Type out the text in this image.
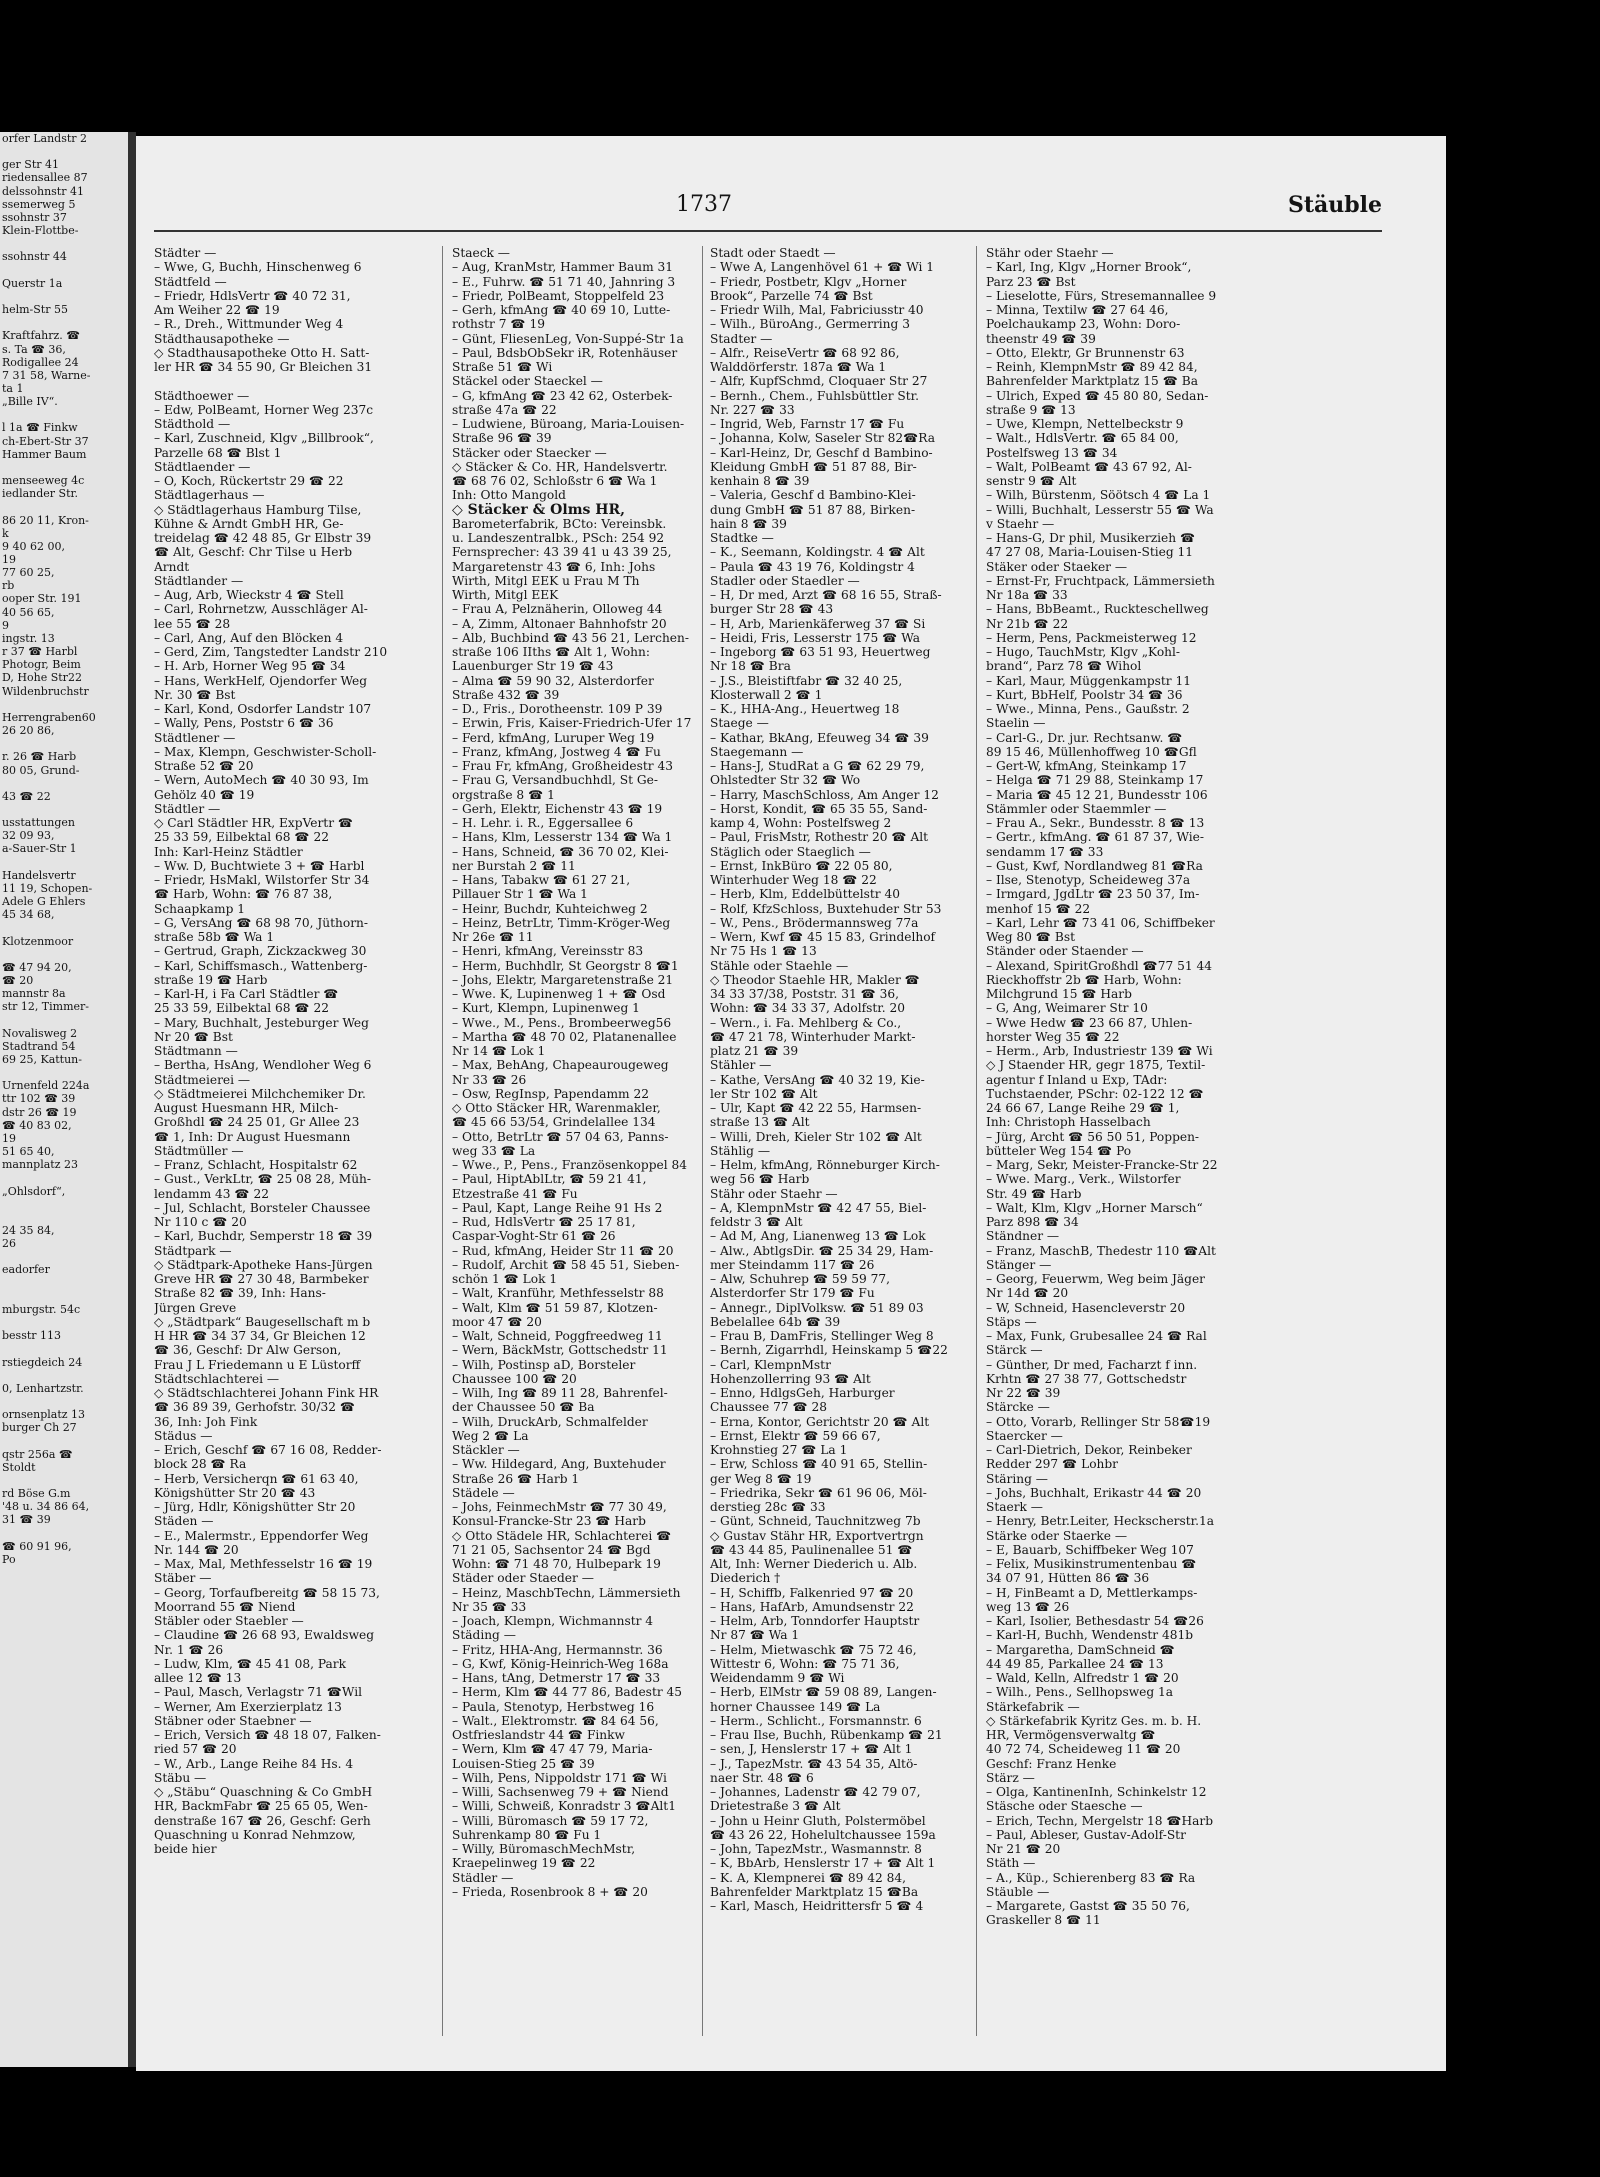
orfer Landstr 2

ger Str 41
riedensallee 87
delssohnstr 41
ssemerweg 5
ssohnstr 37
Klein-Flottbe-

ssohnstr 44

Querstr 1a

helm-Str 55

Kraftfahrz. ☎
s. Ta ☎ 36,
Rodigallee 24
7 31 58, Warne-
ta 1
„Bille IV“.

l 1a ☎ Finkw
ch-Ebert-Str 37
Hammer Baum

menseeweg 4c
iedlander Str.

86 20 11, Kron-
k
9 40 62 00,
19
77 60 25,
rb
ooper Str. 191
40 56 65,
9
ingstr. 13
r 37 ☎ Harbl
Photogr, Beim
D, Hohe Str22
Wildenbruchstr

Herrengraben60
26 20 86,

r. 26 ☎ Harb
80 05, Grund-

43 ☎ 22

usstattungen
32 09 93,
a-Sauer-Str 1

Handelsvertr
11 19, Schopen-
Adele G Ehlers
45 34 68,

Klotzenmoor

☎ 47 94 20,
☎ 20
mannstr 8a
str 12, Timmer-

Novalisweg 2
Stadtrand 54
69 25, Kattun-

Urnenfeld 224a
ttr 102 ☎ 39
dstr 26 ☎ 19
☎ 40 83 02,
19
51 65 40,
mannplatz 23

„Ohlsdorf“,

24 35 84,
26

eadorfer

mburgstr. 54c

besstr 113

rstiegdeich 24

0, Lenhartzstr.

ornsenplatz 13
burger Ch 27

qstr 256a ☎
Stoldt

rd Böse G.m
'48 u. 34 86 64,
31 ☎ 39

☎ 60 91 96,
Po
1737	Stäuble
Städter —
– Wwe, G, Buchh, Hinschenweg 6
Städtfeld —
– Friedr, HdlsVertr ☎ 40 72 31,
Am Weiher 22 ☎ 19
– R., Dreh., Wittmunder Weg 4
Städthausapotheke —
◇ Stadthausapotheke Otto H. Satt-
ler HR ☎ 34 55 90, Gr Bleichen 31

Städthoewer —
– Edw, PolBeamt, Horner Weg 237c
Städthold —
– Karl, Zuschneid, Klgv „Billbrook“,
Parzelle 68 ☎ Blst 1
Städtlaender —
– O, Koch, Rückertstr 29 ☎ 22
Städtlagerhaus —
◇ Städtlagerhaus Hamburg Tilse,
Kühne & Arndt GmbH HR, Ge-
treidelag ☎ 42 48 85, Gr Elbstr 39
☎ Alt, Geschf: Chr Tilse u Herb
Arndt
Städtlander —
– Aug, Arb, Wieckstr 4 ☎ Stell
– Carl, Rohrnetzw, Ausschläger Al-
lee 55 ☎ 28
– Carl, Ang, Auf den Blöcken 4
– Gerd, Zim, Tangstedter Landstr 210
– H. Arb, Horner Weg 95 ☎ 34
– Hans, WerkHelf, Ojendorfer Weg
Nr. 30 ☎ Bst
– Karl, Kond, Osdorfer Landstr 107
– Wally, Pens, Poststr 6 ☎ 36
Städtlener —
– Max, Klempn, Geschwister-Scholl-
Straße 52 ☎ 20
– Wern, AutoMech ☎ 40 30 93, Im
Gehölz 40 ☎ 19
Städtler —
◇ Carl Städtler HR, ExpVertr ☎
25 33 59, Eilbektal 68 ☎ 22
Inh: Karl-Heinz Städtler
– Ww. D, Buchtwiete 3 + ☎ Harbl
– Friedr, HsMakl, Wilstorfer Str 34
☎ Harb, Wohn: ☎ 76 87 38,
Schaapkamp 1
– G, VersAng ☎ 68 98 70, Jüthorn-
straße 58b ☎ Wa 1
– Gertrud, Graph, Zickzackweg 30
– Karl, Schiffsmasch., Wattenberg-
straße 19 ☎ Harb
– Karl-H, i Fa Carl Städtler ☎
25 33 59, Eilbektal 68 ☎ 22
– Mary, Buchhalt, Jesteburger Weg
Nr 20 ☎ Bst
Städtmann —
– Bertha, HsAng, Wendloher Weg 6
Städtmeierei —
◇ Städtmeierei Milchchemiker Dr.
August Huesmann HR, Milch-
Großhdl ☎ 24 25 01, Gr Allee 23
☎ 1, Inh: Dr August Huesmann
Städtmüller —
– Franz, Schlacht, Hospitalstr 62
– Gust., VerkLtr, ☎ 25 08 28, Müh-
lendamm 43 ☎ 22
– Jul, Schlacht, Borsteler Chaussee
Nr 110 c ☎ 20
– Karl, Buchdr, Semperstr 18 ☎ 39
Städtpark —
◇ Städtpark-Apotheke Hans-Jürgen
Greve HR ☎ 27 30 48, Barmbeker
Straße 82 ☎ 39, Inh: Hans-
Jürgen Greve
◇ „Städtpark“ Baugesellschaft m b
H HR ☎ 34 37 34, Gr Bleichen 12
☎ 36, Geschf: Dr Alw Gerson,
Frau J L Friedemann u E Lüstorff
Städtschlachterei —
◇ Städtschlachterei Johann Fink HR
☎ 36 89 39, Gerhofstr. 30/32 ☎
36, Inh: Joh Fink
Städus —
– Erich, Geschf ☎ 67 16 08, Redder-
block 28 ☎ Ra
– Herb, Versicherqn ☎ 61 63 40,
Königshütter Str 20 ☎ 43
– Jürg, Hdlr, Königshütter Str 20
Städen —
– E., Malermstr., Eppendorfer Weg
Nr. 144 ☎ 20
– Max, Mal, Methfesselstr 16 ☎ 19
Stäber —
– Georg, Torfaufbereitg ☎ 58 15 73,
Moorrand 55 ☎ Niend
Stäbler oder Staebler —
– Claudine ☎ 26 68 93, Ewaldsweg
Nr. 1 ☎ 26
– Ludw, Klm, ☎ 45 41 08, Park
allee 12 ☎ 13
– Paul, Masch, Verlagstr 71 ☎Wil
– Werner, Am Exerzierplatz 13
Stäbner oder Staebner —
– Erich, Versich ☎ 48 18 07, Falken-
ried 57 ☎ 20
– W., Arb., Lange Reihe 84 Hs. 4
Stäbu —
◇ „Stäbu“ Quaschning & Co GmbH
HR, BackmFabr ☎ 25 65 05, Wen-
denstraße 167 ☎ 26, Geschf: Gerh
Quaschning u Konrad Nehmzow,
beide hier
Staeck —
– Aug, KranMstr, Hammer Baum 31
– E., Fuhrw. ☎ 51 71 40, Jahnring 3
– Friedr, PolBeamt, Stoppelfeld 23
– Gerh, kfmAng ☎ 40 69 10, Lutte-
rothstr 7 ☎ 19
– Günt, FliesenLeg, Von-Suppé-Str 1a
– Paul, BdsbObSekr iR, Rotenhäuser
Straße 51 ☎ Wi
Stäckel oder Staeckel —
– G, kfmAng ☎ 23 42 62, Osterbek-
straße 47a ☎ 22
– Ludwiene, Büroang, Maria-Louisen-
Straße 96 ☎ 39
Stäcker oder Staecker —
◇ Stäcker & Co. HR, Handelsvertr.
☎ 68 76 02, Schloßstr 6 ☎ Wa 1
Inh: Otto Mangold
◇ Stäcker & Olms HR,
Barometerfabrik, BCto: Vereinsbk.
u. Landeszentralbk., PSch: 254 92
Fernsprecher: 43 39 41 u 43 39 25,
Margaretenstr 43 ☎ 6, Inh: Johs
Wirth, Mitgl EEK u Frau M Th
Wirth, Mitgl EEK
– Frau A, Pelznäherin, Olloweg 44
– A, Zimm, Altonaer Bahnhofstr 20
– Alb, Buchbind ☎ 43 56 21, Lerchen-
straße 106 IIths ☎ Alt 1, Wohn:
Lauenburger Str 19 ☎ 43
– Alma ☎ 59 90 32, Alsterdorfer
Straße 432 ☎ 39
– D., Fris., Dorotheenstr. 109 P 39
– Erwin, Fris, Kaiser-Friedrich-Ufer 17
– Ferd, kfmAng, Luruper Weg 19
– Franz, kfmAng, Jostweg 4 ☎ Fu
– Frau Fr, kfmAng, Großheidestr 43
– Frau G, Versandbuchhdl, St Ge-
orgstraße 8 ☎ 1
– Gerh, Elektr, Eichenstr 43 ☎ 19
– H. Lehr. i. R., Eggersallee 6
– Hans, Klm, Lesserstr 134 ☎ Wa 1
– Hans, Schneid, ☎ 36 70 02, Klei-
ner Burstah 2 ☎ 11
– Hans, Tabakw ☎ 61 27 21,
Pillauer Str 1 ☎ Wa 1
– Heinr, Buchdr, Kuhteichweg 2
– Heinz, BetrLtr, Timm-Kröger-Weg
Nr 26e ☎ 11
– Henri, kfmAng, Vereinsstr 83
– Herm, Buchhdlr, St Georgstr 8 ☎1
– Johs, Elektr, Margaretenstraße 21
– Wwe. K, Lupinenweg 1 + ☎ Osd
– Kurt, Klempn, Lupinenweg 1
– Wwe., M., Pens., Brombeerweg56
– Martha ☎ 48 70 02, Platanenallee
Nr 14 ☎ Lok 1
– Max, BehAng, Chapeaurougeweg
Nr 33 ☎ 26
– Osw, RegInsp, Papendamm 22
◇ Otto Stäcker HR, Warenmakler,
☎ 45 66 53/54, Grindelallee 134
– Otto, BetrLtr ☎ 57 04 63, Panns-
weg 33 ☎ La
– Wwe., P., Pens., Französenkoppel 84
– Paul, HiptAblLtr, ☎ 59 21 41,
Etzestraße 41 ☎ Fu
– Paul, Kapt, Lange Reihe 91 Hs 2
– Rud, HdlsVertr ☎ 25 17 81,
Caspar-Voght-Str 61 ☎ 26
– Rud, kfmAng, Heider Str 11 ☎ 20
– Rudolf, Archit ☎ 58 45 51, Sieben-
schön 1 ☎ Lok 1
– Walt, Kranführ, Methfesselstr 88
– Walt, Klm ☎ 51 59 87, Klotzen-
moor 47 ☎ 20
– Walt, Schneid, Poggfreedweg 11
– Wern, BäckMstr, Gottschedstr 11
– Wilh, Postinsp aD, Borsteler
Chaussee 100 ☎ 20
– Wilh, Ing ☎ 89 11 28, Bahrenfel-
der Chaussee 50 ☎ Ba
– Wilh, DruckArb, Schmalfelder
Weg 2 ☎ La
Stäckler —
– Ww. Hildegard, Ang, Buxtehuder
Straße 26 ☎ Harb 1
Städele —
– Johs, FeinmechMstr ☎ 77 30 49,
Konsul-Francke-Str 23 ☎ Harb
◇ Otto Städele HR, Schlachterei ☎
71 21 05, Sachsentor 24 ☎ Bgd
Wohn: ☎ 71 48 70, Hulbepark 19
Städer oder Staeder —
– Heinz, MaschbTechn, Lämmersieth
Nr 35 ☎ 33
– Joach, Klempn, Wichmannstr 4
Städing —
– Fritz, HHA-Ang, Hermannstr. 36
– G, Kwf, König-Heinrich-Weg 168a
– Hans, tAng, Detmerstr 17 ☎ 33
– Herm, Klm ☎ 44 77 86, Badestr 45
– Paula, Stenotyp, Herbstweg 16
– Walt., Elektromstr. ☎ 84 64 56,
Ostfrieslandstr 44 ☎ Finkw
– Wern, Klm ☎ 47 47 79, Maria-
Louisen-Stieg 25 ☎ 39
– Wilh, Pens, Nippoldstr 171 ☎ Wi
– Willi, Sachsenweg 79 + ☎ Niend
– Willi, Schweiß, Konradstr 3 ☎Alt1
– Willi, Büromasch ☎ 59 17 72,
Suhrenkamp 80 ☎ Fu 1
– Willy, BüromaschMechMstr,
Kraepelinweg 19 ☎ 22
Städler —
– Frieda, Rosenbrook 8 + ☎ 20
Stadt oder Staedt —
– Wwe A, Langenhövel 61 + ☎ Wi 1
– Friedr, Postbetr, Klgv „Horner
Brook“, Parzelle 74 ☎ Bst
– Friedr Wilh, Mal, Fabriciusstr 40
– Wilh., BüroAng., Germerring 3
Stadter —
– Alfr., ReiseVertr ☎ 68 92 86,
Walddörferstr. 187a ☎ Wa 1
– Alfr, KupfSchmd, Cloquaer Str 27
– Bernh., Chem., Fuhlsbüttler Str.
Nr. 227 ☎ 33
– Ingrid, Web, Farnstr 17 ☎ Fu
– Johanna, Kolw, Saseler Str 82☎Ra
– Karl-Heinz, Dr, Geschf d Bambino-
Kleidung GmbH ☎ 51 87 88, Bir-
kenhain 8 ☎ 39
– Valeria, Geschf d Bambino-Klei-
dung GmbH ☎ 51 87 88, Birken-
hain 8 ☎ 39
Stadtke —
– K., Seemann, Koldingstr. 4 ☎ Alt
– Paula ☎ 43 19 76, Koldingstr 4
Stadler oder Staedler —
– H, Dr med, Arzt ☎ 68 16 55, Straß-
burger Str 28 ☎ 43
– H, Arb, Marienkäferweg 37 ☎ Si
– Heidi, Fris, Lesserstr 175 ☎ Wa
– Ingeborg ☎ 63 51 93, Heuertweg
Nr 18 ☎ Bra
– J.S., Bleistiftfabr ☎ 32 40 25,
Klosterwall 2 ☎ 1
– K., HHA-Ang., Heuertweg 18
Staege —
– Kathar, BkAng, Efeuweg 34 ☎ 39
Staegemann —
– Hans-J, StudRat a G ☎ 62 29 79,
Ohlstedter Str 32 ☎ Wo
– Harry, MaschSchloss, Am Anger 12
– Horst, Kondit, ☎ 65 35 55, Sand-
kamp 4, Wohn: Postelfsweg 2
– Paul, FrisMstr, Rothestr 20 ☎ Alt
Stäglich oder Staeglich —
– Ernst, InkBüro ☎ 22 05 80,
Winterhuder Weg 18 ☎ 22
– Herb, Klm, Eddelbüttelstr 40
– Rolf, KfzSchloss, Buxtehuder Str 53
– W., Pens., Brödermannsweg 77a
– Wern, Kwf ☎ 45 15 83, Grindelhof
Nr 75 Hs 1 ☎ 13
Stähle oder Staehle —
◇ Theodor Staehle HR, Makler ☎
34 33 37/38, Poststr. 31 ☎ 36,
Wohn: ☎ 34 33 37, Adolfstr. 20
– Wern., i. Fa. Mehlberg & Co.,
☎ 47 21 78, Winterhuder Markt-
platz 21 ☎ 39
Stähler —
– Kathe, VersAng ☎ 40 32 19, Kie-
ler Str 102 ☎ Alt
– Ulr, Kapt ☎ 42 22 55, Harmsen-
straße 13 ☎ Alt
– Willi, Dreh, Kieler Str 102 ☎ Alt
Stählig —
– Helm, kfmAng, Rönneburger Kirch-
weg 56 ☎ Harb
Stähr oder Staehr —
– A, KlempnMstr ☎ 42 47 55, Biel-
feldstr 3 ☎ Alt
– Ad M, Ang, Lianenweg 13 ☎ Lok
– Alw., AbtlgsDir. ☎ 25 34 29, Ham-
mer Steindamm 117 ☎ 26
– Alw, Schuhrep ☎ 59 59 77,
Alsterdorfer Str 179 ☎ Fu
– Annegr., DiplVolksw. ☎ 51 89 03
Bebelallee 64b ☎ 39
– Frau B, DamFris, Stellinger Weg 8
– Bernh, Zigarrhdl, Heinskamp 5 ☎22
– Carl, KlempnMstr
Hohenzollerring 93 ☎ Alt
– Enno, HdlgsGeh, Harburger
Chaussee 77 ☎ 28
– Erna, Kontor, Gerichtstr 20 ☎ Alt
– Ernst, Elektr ☎ 59 66 67,
Krohnstieg 27 ☎ La 1
– Erw, Schloss ☎ 40 91 65, Stellin-
ger Weg 8 ☎ 19
– Friedrika, Sekr ☎ 61 96 06, Möl-
derstieg 28c ☎ 33
– Günt, Schneid, Tauchnitzweg 7b
◇ Gustav Stähr HR, Exportvertrgn
☎ 43 44 85, Paulinenallee 51 ☎
Alt, Inh: Werner Diederich u. Alb.
Diederich †
– H, Schiffb, Falkenried 97 ☎ 20
– Hans, HafArb, Amundsenstr 22
– Helm, Arb, Tonndorfer Hauptstr
Nr 87 ☎ Wa 1
– Helm, Mietwaschk ☎ 75 72 46,
Wittestr 6, Wohn: ☎ 75 71 36,
Weidendamm 9 ☎ Wi
– Herb, ElMstr ☎ 59 08 89, Langen-
horner Chaussee 149 ☎ La
– Herm., Schlicht., Forsmannstr. 6
– Frau Ilse, Buchh, Rübenkamp ☎ 21
– sen, J, Henslerstr 17 + ☎ Alt 1
– J., TapezMstr. ☎ 43 54 35, Altö-
naer Str. 48 ☎ 6
– Johannes, Ladenstr ☎ 42 79 07,
Drietestraße 3 ☎ Alt
– John u Heinr Gluth, Polstermöbel
☎ 43 26 22, Hohelultchaussee 159a
– John, TapezMstr., Wasmannstr. 8
– K, BbArb, Henslerstr 17 + ☎ Alt 1
– K. A, Klempnerei ☎ 89 42 84,
Bahrenfelder Marktplatz 15 ☎Ba
– Karl, Masch, Heidrittersfr 5 ☎ 4
Stähr oder Staehr —
– Karl, Ing, Klgv „Horner Brook“,
Parz 23 ☎ Bst
– Lieselotte, Fürs, Stresemannallee 9
– Minna, Textilw ☎ 27 64 46,
Poelchaukamp 23, Wohn: Doro-
theenstr 49 ☎ 39
– Otto, Elektr, Gr Brunnenstr 63
– Reinh, KlempnMstr ☎ 89 42 84,
Bahrenfelder Marktplatz 15 ☎ Ba
– Ulrich, Exped ☎ 45 80 80, Sedan-
straße 9 ☎ 13
– Uwe, Klempn, Nettelbeckstr 9
– Walt., HdlsVertr. ☎ 65 84 00,
Postelfsweg 13 ☎ 34
– Walt, PolBeamt ☎ 43 67 92, Al-
senstr 9 ☎ Alt
– Wilh, Bürstenm, Söötsch 4 ☎ La 1
– Willi, Buchhalt, Lesserstr 55 ☎ Wa
v Staehr —
– Hans-G, Dr phil, Musikerzieh ☎
47 27 08, Maria-Louisen-Stieg 11
Stäker oder Staeker —
– Ernst-Fr, Fruchtpack, Lämmersieth
Nr 18a ☎ 33
– Hans, BbBeamt., Ruckteschellweg
Nr 21b ☎ 22
– Herm, Pens, Packmeisterweg 12
– Hugo, TauchMstr, Klgv „Kohl-
brand“, Parz 78 ☎ Wihol
– Karl, Maur, Müggenkampstr 11
– Kurt, BbHelf, Poolstr 34 ☎ 36
– Wwe., Minna, Pens., Gaußstr. 2
Staelin —
– Carl-G., Dr. jur. Rechtsanw. ☎
89 15 46, Müllenhoffweg 10 ☎Gfl
– Gert-W, kfmAng, Steinkamp 17
– Helga ☎ 71 29 88, Steinkamp 17
– Maria ☎ 45 12 21, Bundesstr 106
Stämmler oder Staemmler —
– Frau A., Sekr., Bundesstr. 8 ☎ 13
– Gertr., kfmAng. ☎ 61 87 37, Wie-
sendamm 17 ☎ 33
– Gust, Kwf, Nordlandweg 81 ☎Ra
– Ilse, Stenotyp, Scheideweg 37a
– Irmgard, JgdLtr ☎ 23 50 37, Im-
menhof 15 ☎ 22
– Karl, Lehr ☎ 73 41 06, Schiffbeker
Weg 80 ☎ Bst
Ständer oder Staender —
– Alexand, SpiritGroßhdl ☎77 51 44
Rieckhoffstr 2b ☎ Harb, Wohn:
Milchgrund 15 ☎ Harb
– G, Ang, Weimarer Str 10
– Wwe Hedw ☎ 23 66 87, Uhlen-
horster Weg 35 ☎ 22
– Herm., Arb, Industriestr 139 ☎ Wi
◇ J Staender HR, gegr 1875, Textil-
agentur f Inland u Exp, TAdr:
Tuchstaender, PSchr: 02-122 12 ☎
24 66 67, Lange Reihe 29 ☎ 1,
Inh: Christoph Hasselbach
– Jürg, Archt ☎ 56 50 51, Poppen-
bütteler Weg 154 ☎ Po
– Marg, Sekr, Meister-Francke-Str 22
– Wwe. Marg., Verk., Wilstorfer
Str. 49 ☎ Harb
– Walt, Klm, Klgv „Horner Marsch“
Parz 898 ☎ 34
Ständner —
– Franz, MaschB, Thedestr 110 ☎Alt
Stänger —
– Georg, Feuerwm, Weg beim Jäger
Nr 14d ☎ 20
– W, Schneid, Hasencleverstr 20
Stäps —
– Max, Funk, Grubesallee 24 ☎ Ral
Stärck —
– Günther, Dr med, Facharzt f inn.
Krhtn ☎ 27 38 77, Gottschedstr
Nr 22 ☎ 39
Stärcke —
– Otto, Vorarb, Rellinger Str 58☎19
Staercker —
– Carl-Dietrich, Dekor, Reinbeker
Redder 297 ☎ Lohbr
Stäring —
– Johs, Buchhalt, Erikastr 44 ☎ 20
Staerk —
– Henry, Betr.Leiter, Heckscherstr.1a
Stärke oder Staerke —
– E, Bauarb, Schiffbeker Weg 107
– Felix, Musikinstrumentenbau ☎
34 07 91, Hütten 86 ☎ 36
– H, FinBeamt a D, Mettlerkamps-
weg 13 ☎ 26
– Karl, Isolier, Bethesdastr 54 ☎26
– Karl-H, Buchh, Wendenstr 481b
– Margaretha, DamSchneid ☎
44 49 85, Parkallee 24 ☎ 13
– Wald, Kelln, Alfredstr 1 ☎ 20
– Wilh., Pens., Sellhopsweg 1a
Stärkefabrik —
◇ Stärkefabrik Kyritz Ges. m. b. H.
HR, Vermögensverwaltg ☎
40 72 74, Scheideweg 11 ☎ 20
Geschf: Franz Henke
Stärz —
– Olga, KantinenInh, Schinkelstr 12
Stäsche oder Staesche —
– Erich, Techn, Mergelstr 18 ☎Harb
– Paul, Ableser, Gustav-Adolf-Str
Nr 21 ☎ 20
Stäth —
– A., Küp., Schierenberg 83 ☎ Ra
Stäuble —
– Margarete, Gastst ☎ 35 50 76,
Graskeller 8 ☎ 11
